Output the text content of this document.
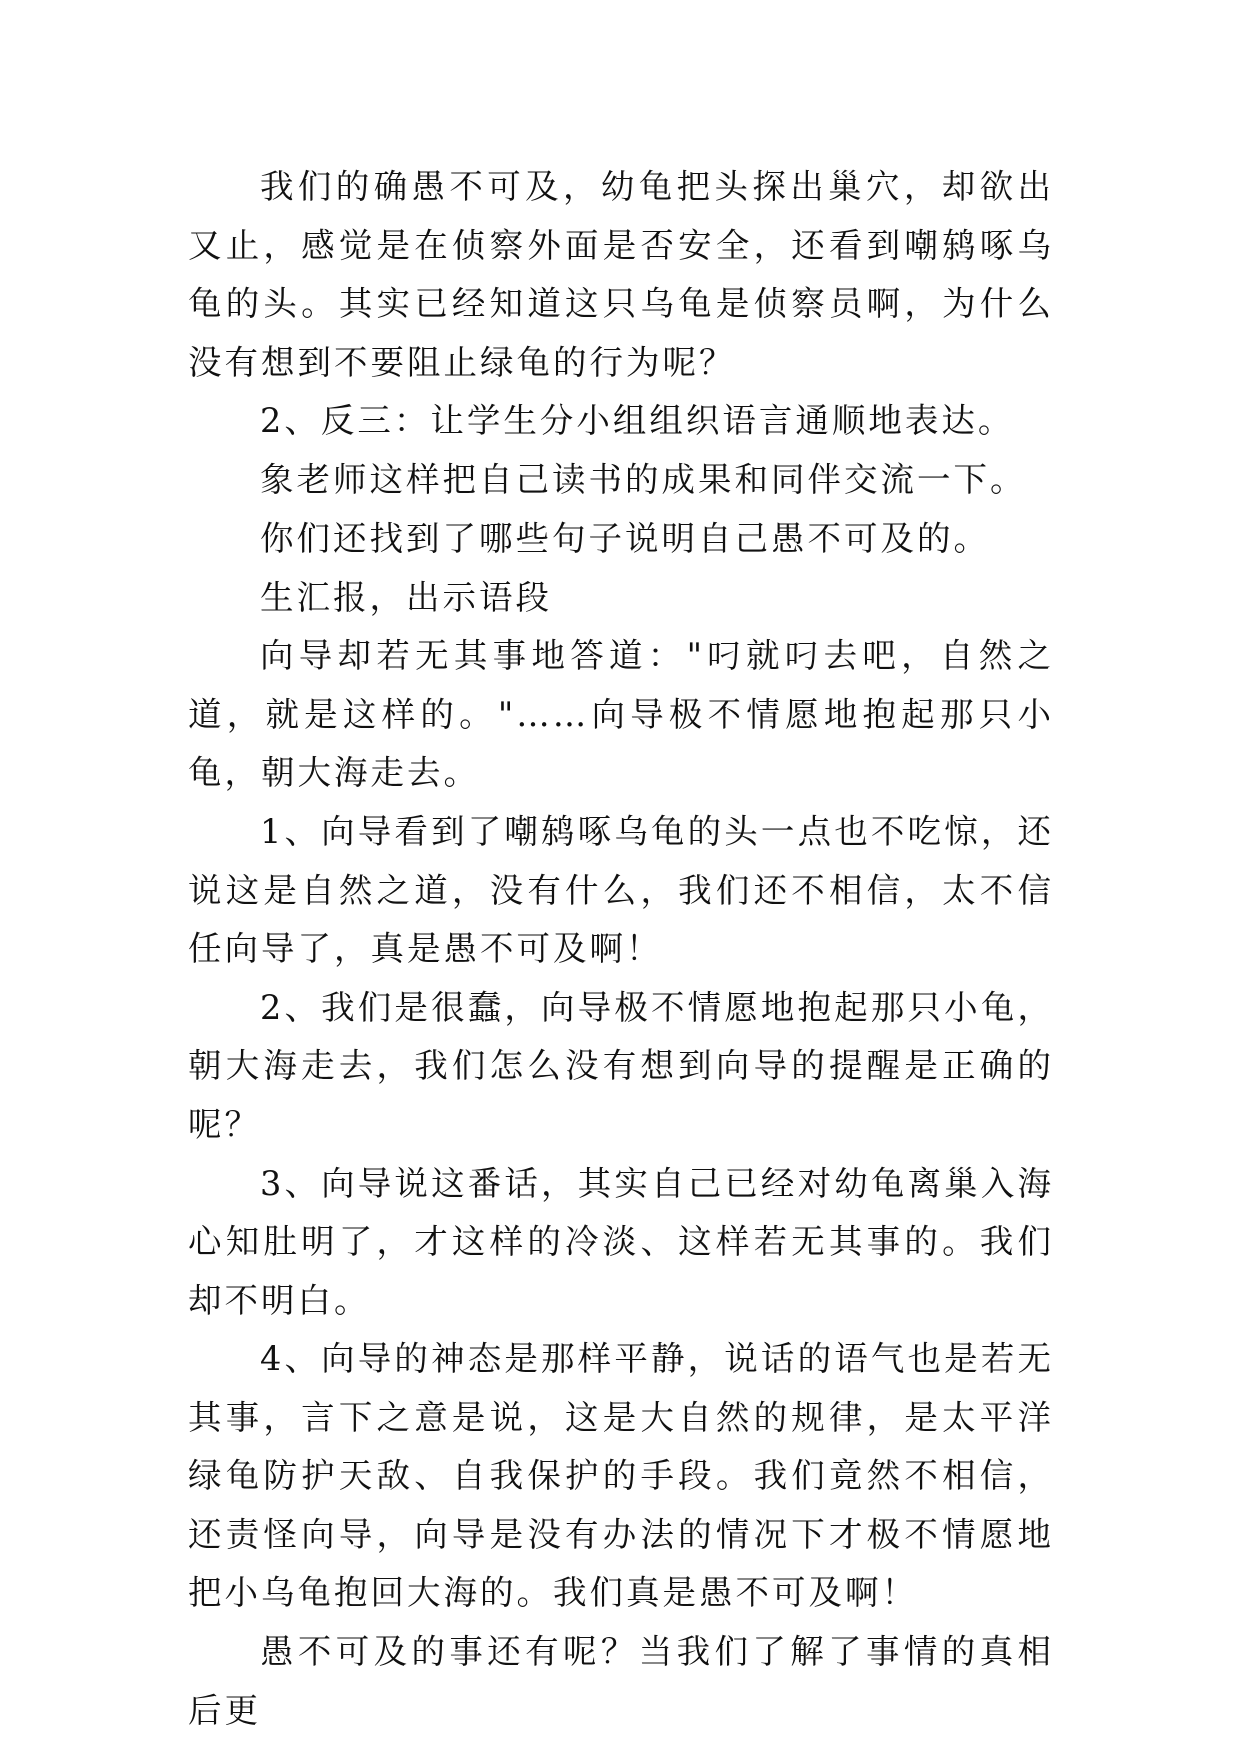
我们的确愚不可及，幼龟把头探出巢穴，却欲出又止，感觉是在侦察外面是否安全，还看到嘲鸫啄乌龟的头。其实已经知道这只乌龟是侦察员啊，为什么没有想到不要阻止绿龟的行为呢？

2、反三：让学生分小组组织语言通顺地表达。

象老师这样把自己读书的成果和同伴交流一下。

你们还找到了哪些句子说明自己愚不可及的。

生汇报，出示语段

向导却若无其事地答道："叼就叼去吧，自然之道，就是这样的。"……向导极不情愿地抱起那只小龟，朝大海走去。

1、向导看到了嘲鸫啄乌龟的头一点也不吃惊，还说这是自然之道，没有什么，我们还不相信，太不信任向导了，真是愚不可及啊！

2、我们是很蠢，向导极不情愿地抱起那只小龟，朝大海走去，我们怎么没有想到向导的提醒是正确的呢？

3、向导说这番话，其实自己已经对幼龟离巢入海心知肚明了，才这样的冷淡、这样若无其事的。我们却不明白。

4、向导的神态是那样平静，说话的语气也是若无其事，言下之意是说，这是大自然的规律，是太平洋绿龟防护天敌、自我保护的手段。我们竟然不相信，还责怪向导，向导是没有办法的情况下才极不情愿地把小乌龟抱回大海的。我们真是愚不可及啊！

愚不可及的事还有呢？当我们了解了事情的真相后更
